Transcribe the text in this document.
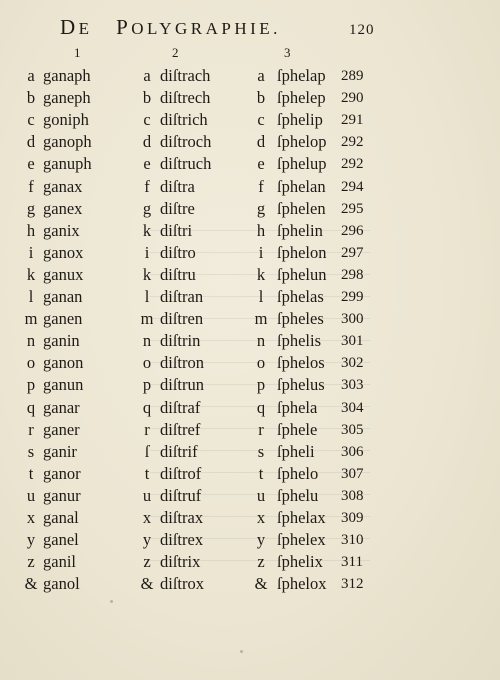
DE POLYGRAPHIE.	120
1	2	3
a ganaph	a diſtrach	a ſphelap 289
b ganeph	b diſtrech	b ſphelep 290
c goniph	c diſtrich	c ſphelip 291
d ganoph	d diſtroch	d ſphelop 292
e ganuph	e diſtruch	e ſphelup 292
f ganax	f diſtra	f ſphelan 294
g ganex	g diſtre	g ſphelen 295
h ganix	k diſtri	h ſphelin 296
i ganox	i diſtro	i ſphelon 297
k ganux	k diſtru	k ſphelun 298
l ganan	l diſtran	l ſphelas 299
m ganen	m diſtren	m ſpheles 300
n ganin	n diſtrin	n ſphelis 301
o ganon	o diſtron	o ſphelos 302
p ganun	p diſtrun	p ſphelus 303
q ganar	q diſtraf	q ſphela 304
r ganer	r diſtref	r ſphele 305
s ganir	ſ diſtrif	s ſpheli 306
t ganor	t diſtrof	t ſphelo 307
u ganur	u diſtruf	u ſphelu 308
x ganal	x diſtrax	x ſphelax 309
y ganel	y diſtrex	y ſphelex 310
z ganil	z diſtrix	z ſphelix 311
& ganol	& diſtrox	& ſphelox 312
